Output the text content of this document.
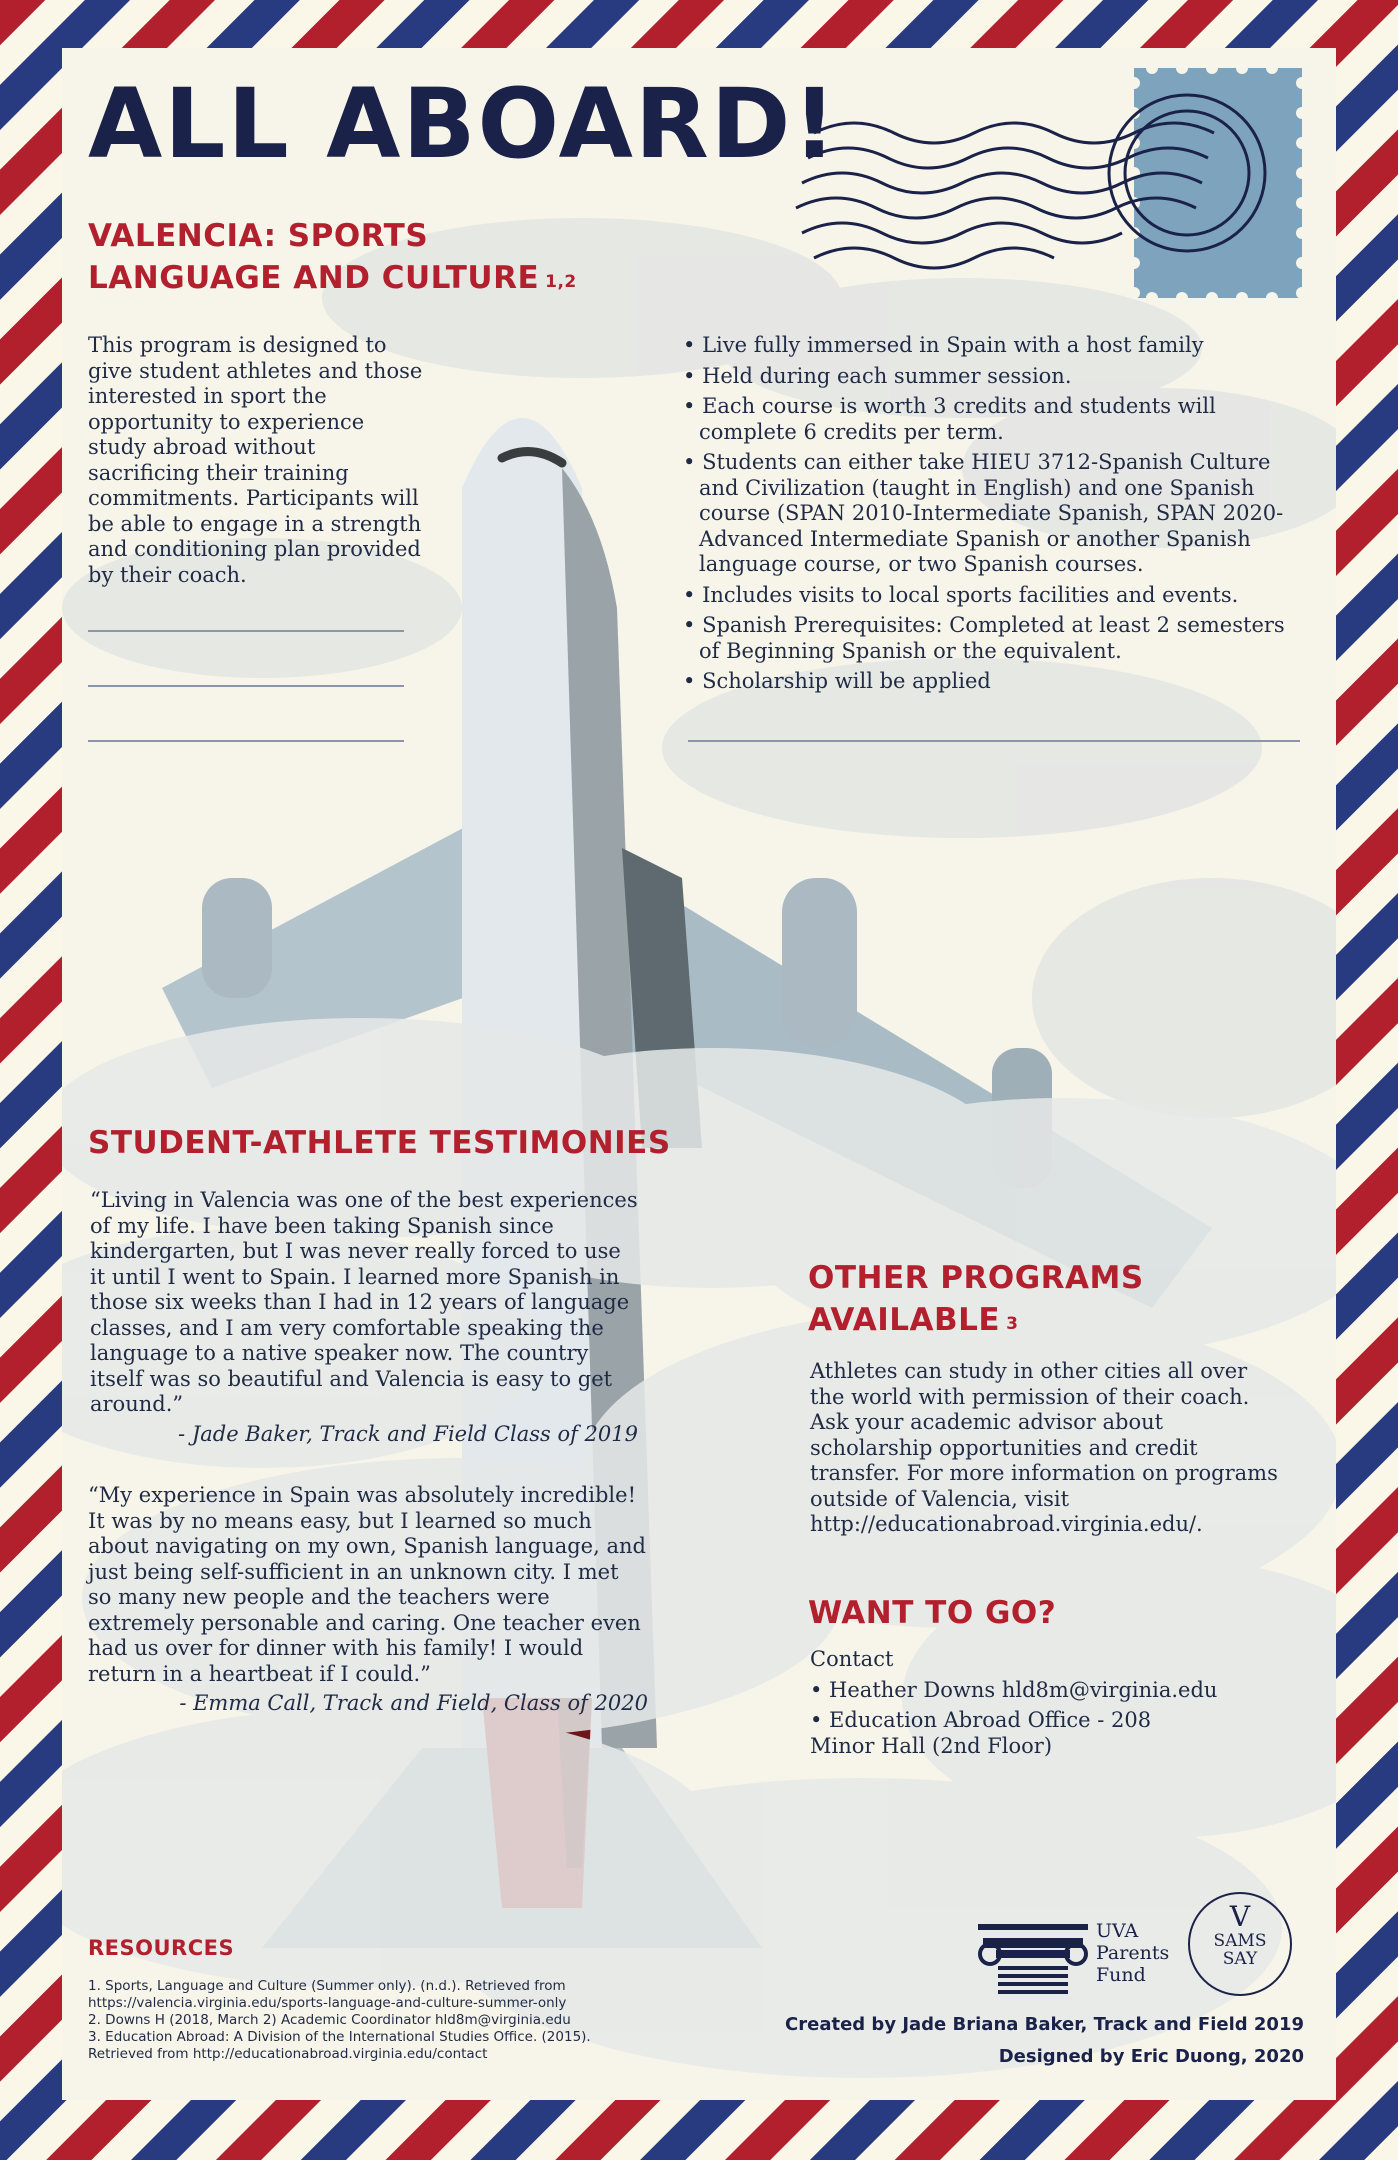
ALL ABOARD!
VALENCIA: SPORTS
LANGUAGE AND CULTURE $^{1,2}$

This program is designed to give student athletes and those interested in sport the opportunity to experience study abroad without sacrificing their training commitments. Participants will be able to engage in a strength and conditioning plan provided by their coach.

• Live fully immersed in Spain with a host family
• Held during each summer session.
• Each course is worth 3 credits and students will complete 6 credits per term.
• Students can either take HIEU 3712-Spanish Culture and Civilization (taught in English) and one Spanish course (SPAN 2010-Intermediate Spanish, SPAN 2020-Advanced Intermediate Spanish or another Spanish language course, or two Spanish courses.
• Includes visits to local sports facilities and events.
• Spanish Prerequisites: Completed at least 2 semesters of Beginning Spanish or the equivalent.
• Scholarship will be applied
STUDENT-ATHLETE TESTIMONIES

“Living in Valencia was one of the best experiences of my life. I have been taking Spanish since kindergarten, but I was never really forced to use it until I went to Spain. I learned more Spanish in those six weeks than I had in 12 years of language classes, and I am very comfortable speaking the language to a native speaker now. The country itself was so beautiful and Valencia is easy to get around.”

- Jade Baker, Track and Field Class of 2019

“My experience in Spain was absolutely incredible! It was by no means easy, but I learned so much about navigating on my own, Spanish language, and just being self-sufficient in an unknown city. I met so many new people and the teachers were extremely personable and caring. One teacher even had us over for dinner with his family! I would return in a heartbeat if I could.”

- Emma Call, Track and Field, Class of 2020

OTHER PROGRAMS
AVAILABLE $^3$

Athletes can study in other cities all over the world with permission of their coach. Ask your academic advisor about scholarship opportunities and credit transfer. For more information on programs outside of Valencia, visit http://educationabroad.virginia.edu/.

WANT TO GO?

Contact

• Heather Downs hld8m@virginia.edu

• Education Abroad Office - 208 Minor Hall (2nd Floor)

RESOURCES

1. Sports, Language and Culture (Summer only). (n.d.). Retrieved from https://valencia.virginia.edu/sports-language-and-culture-summer-only

2. Downs H (2018, March 2) Academic Coordinator hld8m@virginia.edu

3. Education Abroad: A Division of the International Studies Office. (2015). Retrieved from http://educationabroad.virginia.edu/contact

UVA
Parents
Fund
V
SAMS
SAY

Created by Jade Briana Baker, Track and Field 2019

Designed by Eric Duong, 2020
